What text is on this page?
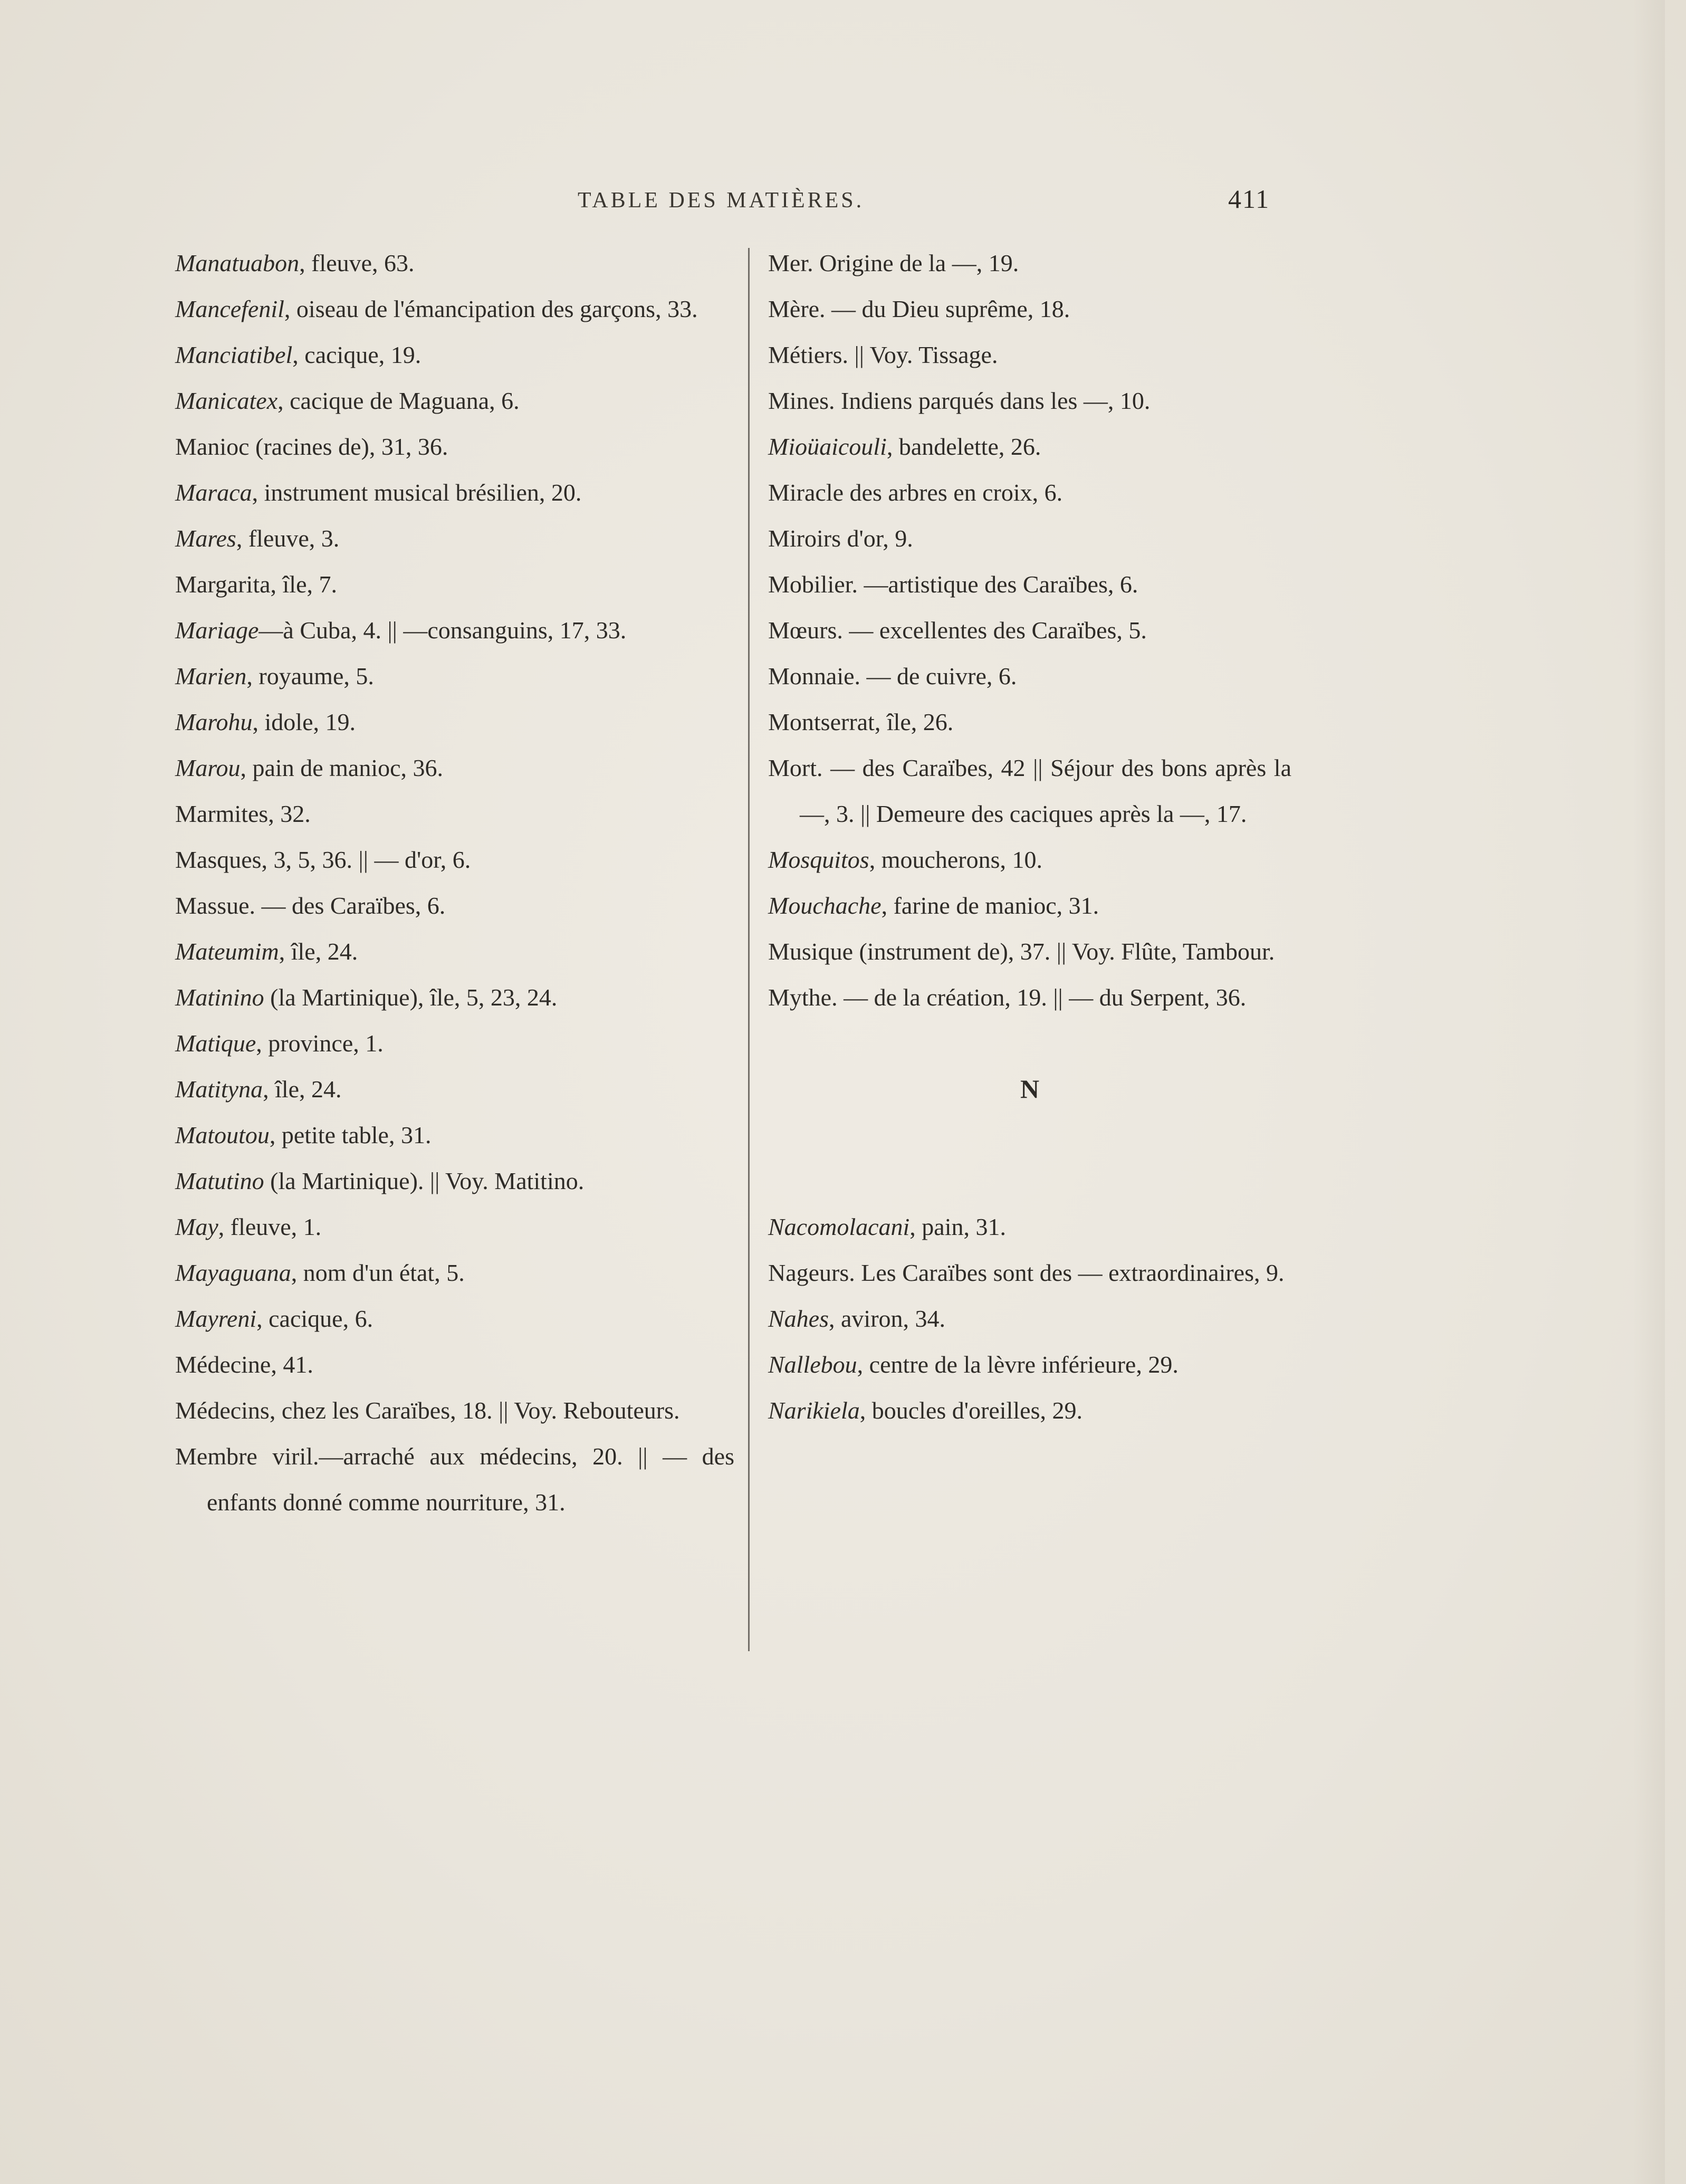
TABLE DES MATIÈRES.	411

Manatuabon, fleuve, 63.

Mancefenil, oiseau de l'émancipation des garçons, 33.

Manciatibel, cacique, 19.

Manicatex, cacique de Maguana, 6.

Manioc (racines de), 31, 36.

Maraca, instrument musical brésilien, 20.

Mares, fleuve, 3.

Margarita, île, 7.

Mariage—à Cuba, 4. || —consanguins, 17, 33.

Marien, royaume, 5.

Marohu, idole, 19.

Marou, pain de manioc, 36.

Marmites, 32.

Masques, 3, 5, 36. || — d'or, 6.

Massue. — des Caraïbes, 6.

Mateumim, île, 24.

Matinino (la Martinique), île, 5, 23, 24.

Matique, province, 1.

Matityna, île, 24.

Matoutou, petite table, 31.

Matutino (la Martinique). || Voy. Matitino.

May, fleuve, 1.

Mayaguana, nom d'un état, 5.

Mayreni, cacique, 6.

Médecine, 41.

Médecins, chez les Caraïbes, 18. || Voy. Rebouteurs.

Membre viril.—arraché aux médecins, 20. || — des enfants donné comme nourriture, 31.

Mer. Origine de la —, 19.

Mère. — du Dieu suprême, 18.

Métiers. || Voy. Tissage.

Mines. Indiens parqués dans les —, 10.

Mioüaicouli, bandelette, 26.

Miracle des arbres en croix, 6.

Miroirs d'or, 9.

Mobilier. —artistique des Caraïbes, 6.

Mœurs. — excellentes des Caraïbes, 5.

Monnaie. — de cuivre, 6.

Montserrat, île, 26.

Mort. — des Caraïbes, 42 || Séjour des bons après la —, 3. || Demeure des caciques après la —, 17.

Mosquitos, moucherons, 10.

Mouchache, farine de manioc, 31.

Musique (instrument de), 37. || Voy. Flûte, Tambour.

Mythe. — de la création, 19. || — du Serpent, 36.

N

Nacomolacani, pain, 31.

Nageurs. Les Caraïbes sont des — extraordinaires, 9.

Nahes, aviron, 34.

Nallebou, centre de la lèvre inférieure, 29.

Narikiela, boucles d'oreilles, 29.
